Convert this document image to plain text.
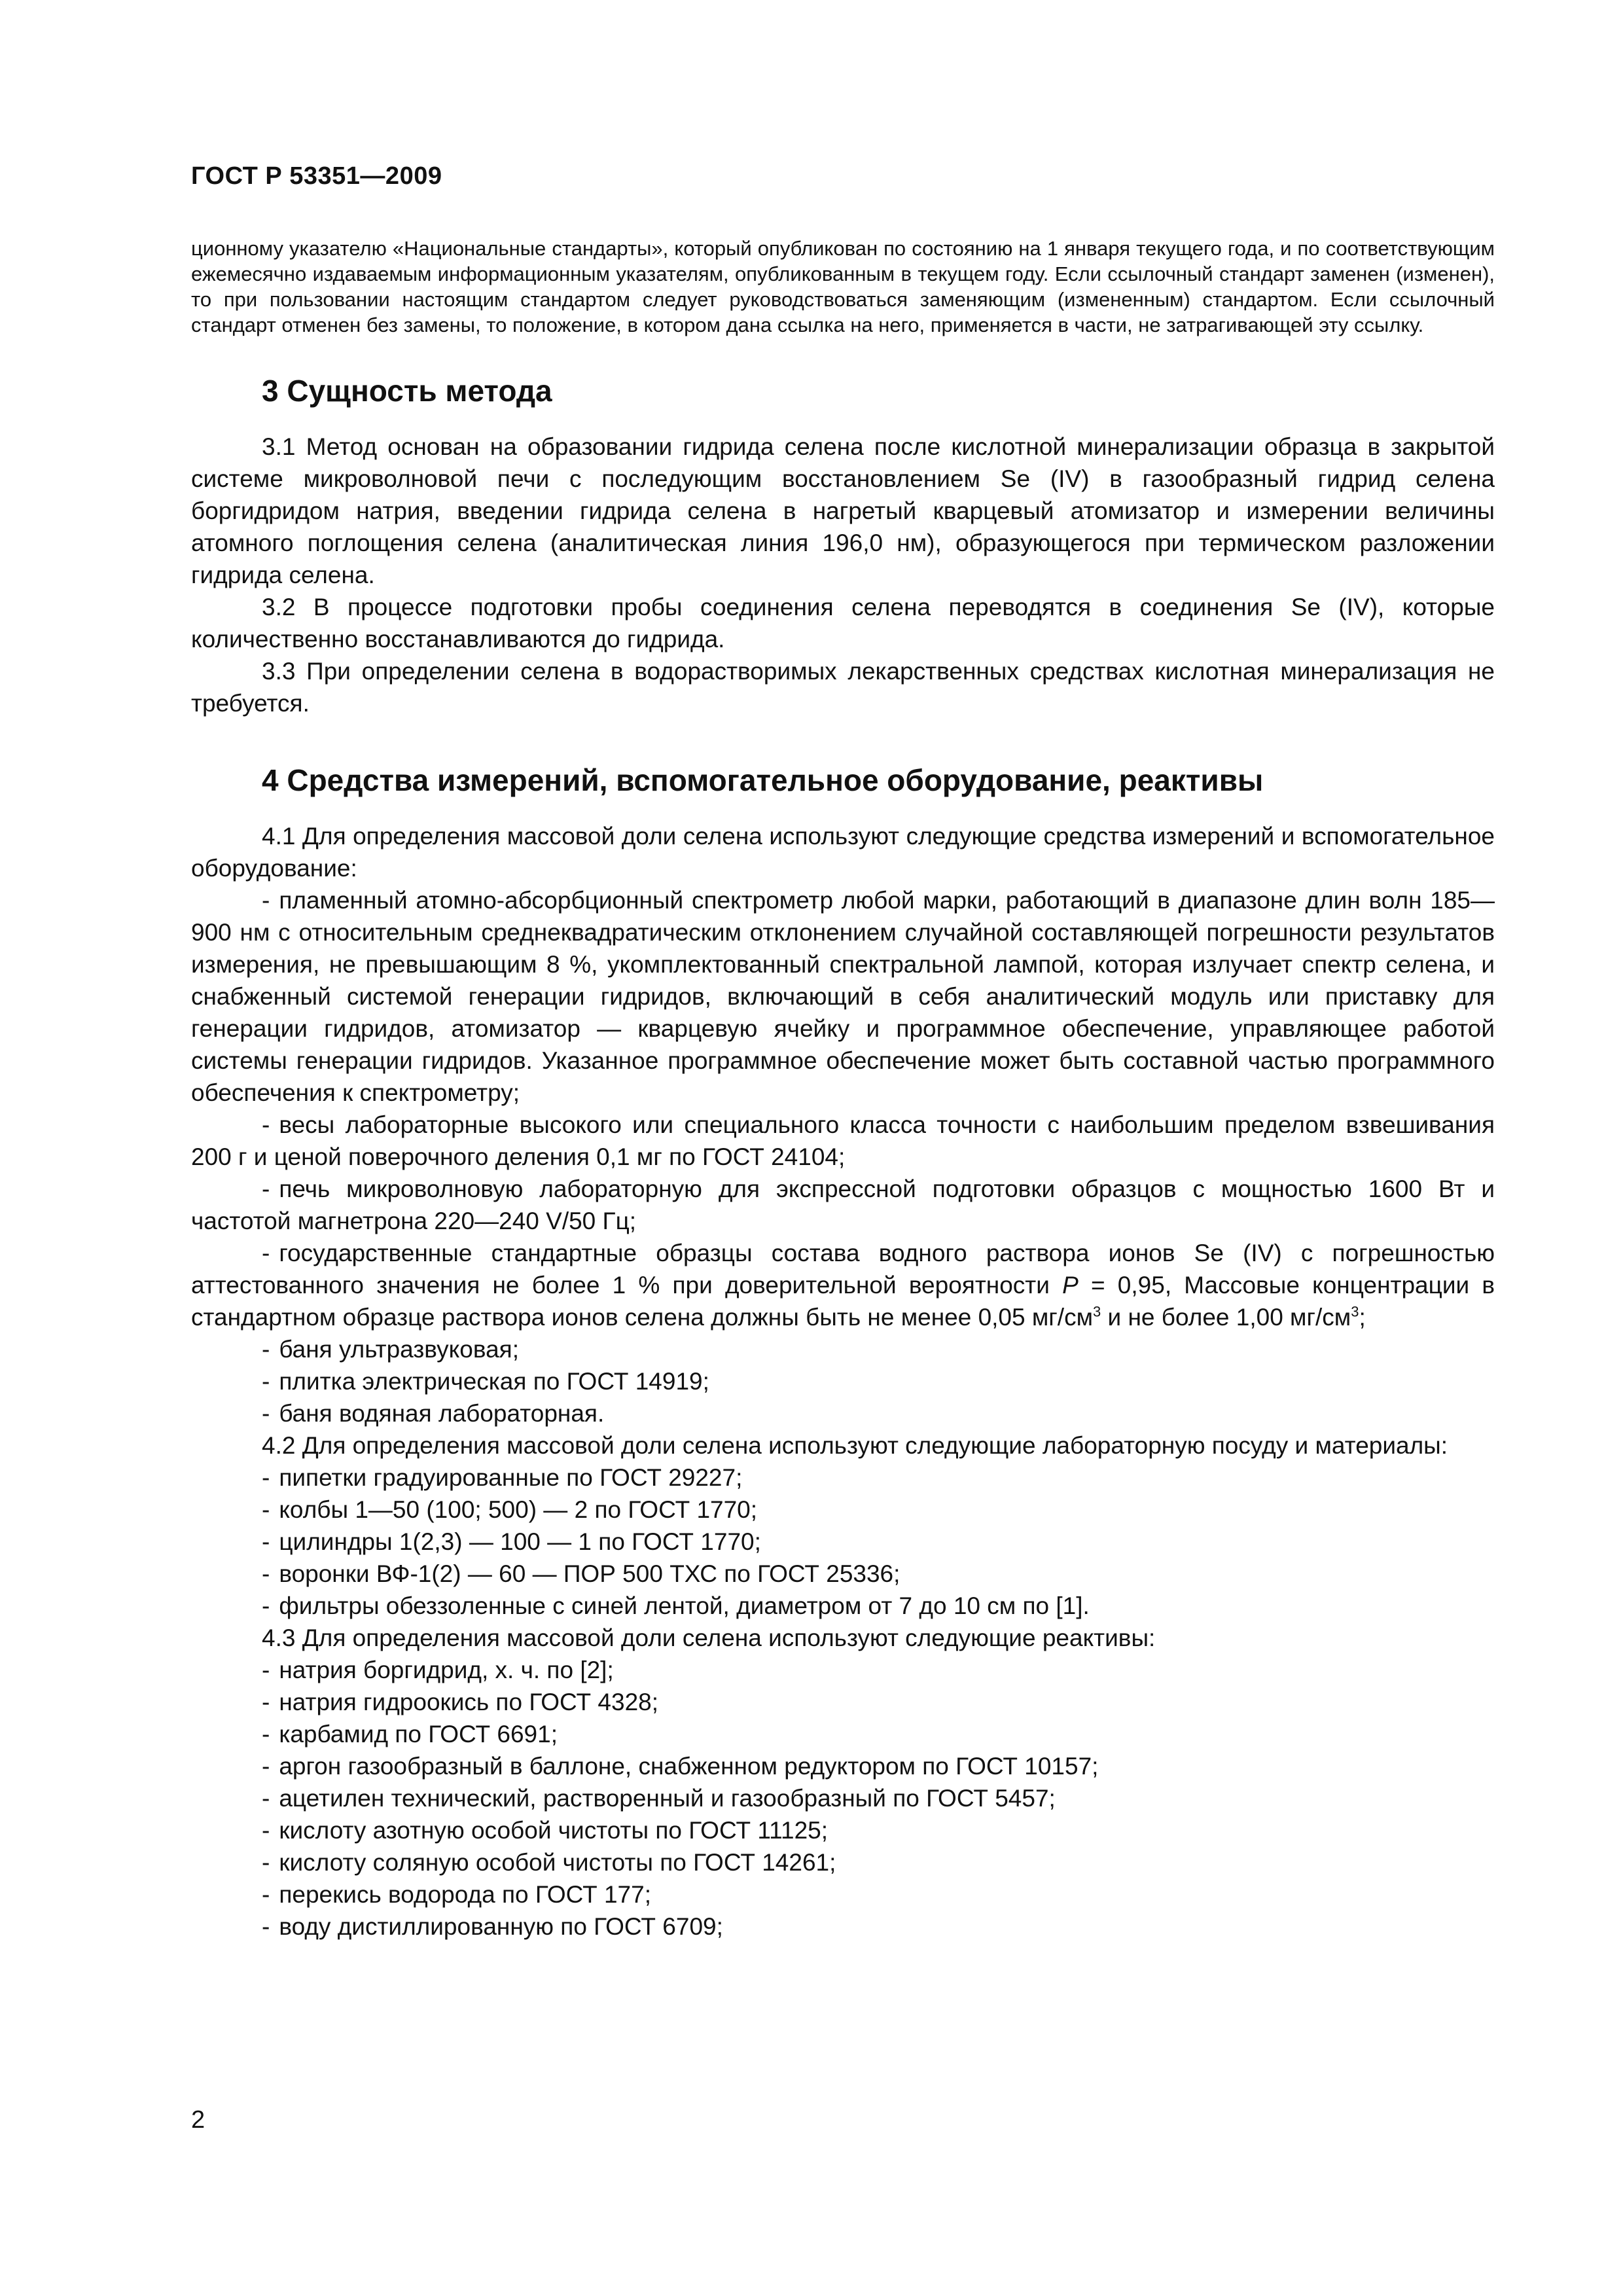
ГОСТ Р 53351—2009

ционному указателю «Национальные стандарты», который опубликован по состоянию на 1 января текущего года, и по соответствующим ежемесячно издаваемым информационным указателям, опубликованным в текущем году. Если ссылочный стандарт заменен (изменен), то при пользовании настоящим стандартом следует руководствоваться заменяющим (измененным) стандартом. Если ссылочный стандарт отменен без замены, то положение, в котором дана ссылка на него, применяется в части, не затрагивающей эту ссылку.

3 Сущность метода

3.1 Метод основан на образовании гидрида селена после кислотной минерализации образца в закрытой системе микроволновой печи с последующим восстановлением Se (IV) в газообразный гидрид селена боргидридом натрия, введении гидрида селена в нагретый кварцевый атомизатор и измерении величины атомного поглощения селена (аналитическая линия 196,0 нм), образующегося при термическом разложении гидрида селена.

3.2 В процессе подготовки пробы соединения селена переводятся в соединения Se (IV), которые количественно восстанавливаются до гидрида.

3.3 При определении селена в водорастворимых лекарственных средствах кислотная минерализация не требуется.

4 Средства измерений, вспомогательное оборудование, реактивы

4.1 Для определения массовой доли селена используют следующие средства измерений и вспомогательное оборудование:

- пламенный атомно-абсорбционный спектрометр любой марки, работающий в диапазоне длин волн 185—900 нм с относительным среднеквадратическим отклонением случайной составляющей погрешности результатов измерения, не превышающим 8 %, укомплектованный спектральной лампой, которая излучает спектр селена, и снабженный системой генерации гидридов, включающий в себя аналитический модуль или приставку для генерации гидридов, атомизатор — кварцевую ячейку и программное обеспечение, управляющее работой системы генерации гидридов. Указанное программное обеспечение может быть составной частью программного обеспечения к спектрометру;
- весы лабораторные высокого или специального класса точности с наибольшим пределом взвешивания 200 г и ценой поверочного деления 0,1 мг по ГОСТ 24104;
- печь микроволновую лабораторную для экспрессной подготовки образцов с мощностью 1600 Вт и частотой магнетрона 220—240 V/50 Гц;
- государственные стандартные образцы состава водного раствора ионов Se (IV) с погрешностью аттестованного значения не более 1 % при доверительной вероятности P = 0,95, Массовые концентрации в стандартном образце раствора ионов селена должны быть не менее 0,05 $мг/см^3$ и не более 1,00 $мг/см^3$;
- баня ультразвуковая;
- плитка электрическая по ГОСТ 14919;
- баня водяная лабораторная.

4.2 Для определения массовой доли селена используют следующие лабораторную посуду и материалы:

- пипетки градуированные по ГОСТ 29227;
- колбы 1—50 (100; 500) — 2 по ГОСТ 1770;
- цилиндры 1(2,3) — 100 — 1 по ГОСТ 1770;
- воронки ВФ-1(2) — 60 — ПОР 500 ТХС по ГОСТ 25336;
- фильтры обеззоленные с синей лентой, диаметром от 7 до 10 см по [1].

4.3 Для определения массовой доли селена используют следующие реактивы:

- натрия боргидрид, х. ч. по [2];
- натрия гидроокись по ГОСТ 4328;
- карбамид по ГОСТ 6691;
- аргон газообразный в баллоне, снабженном редуктором по ГОСТ 10157;
- ацетилен технический, растворенный и газообразный по ГОСТ 5457;
- кислоту азотную особой чистоты по ГОСТ 11125;
- кислоту соляную особой чистоты по ГОСТ 14261;
- перекись водорода по ГОСТ 177;
- воду дистиллированную по ГОСТ 6709;

2
